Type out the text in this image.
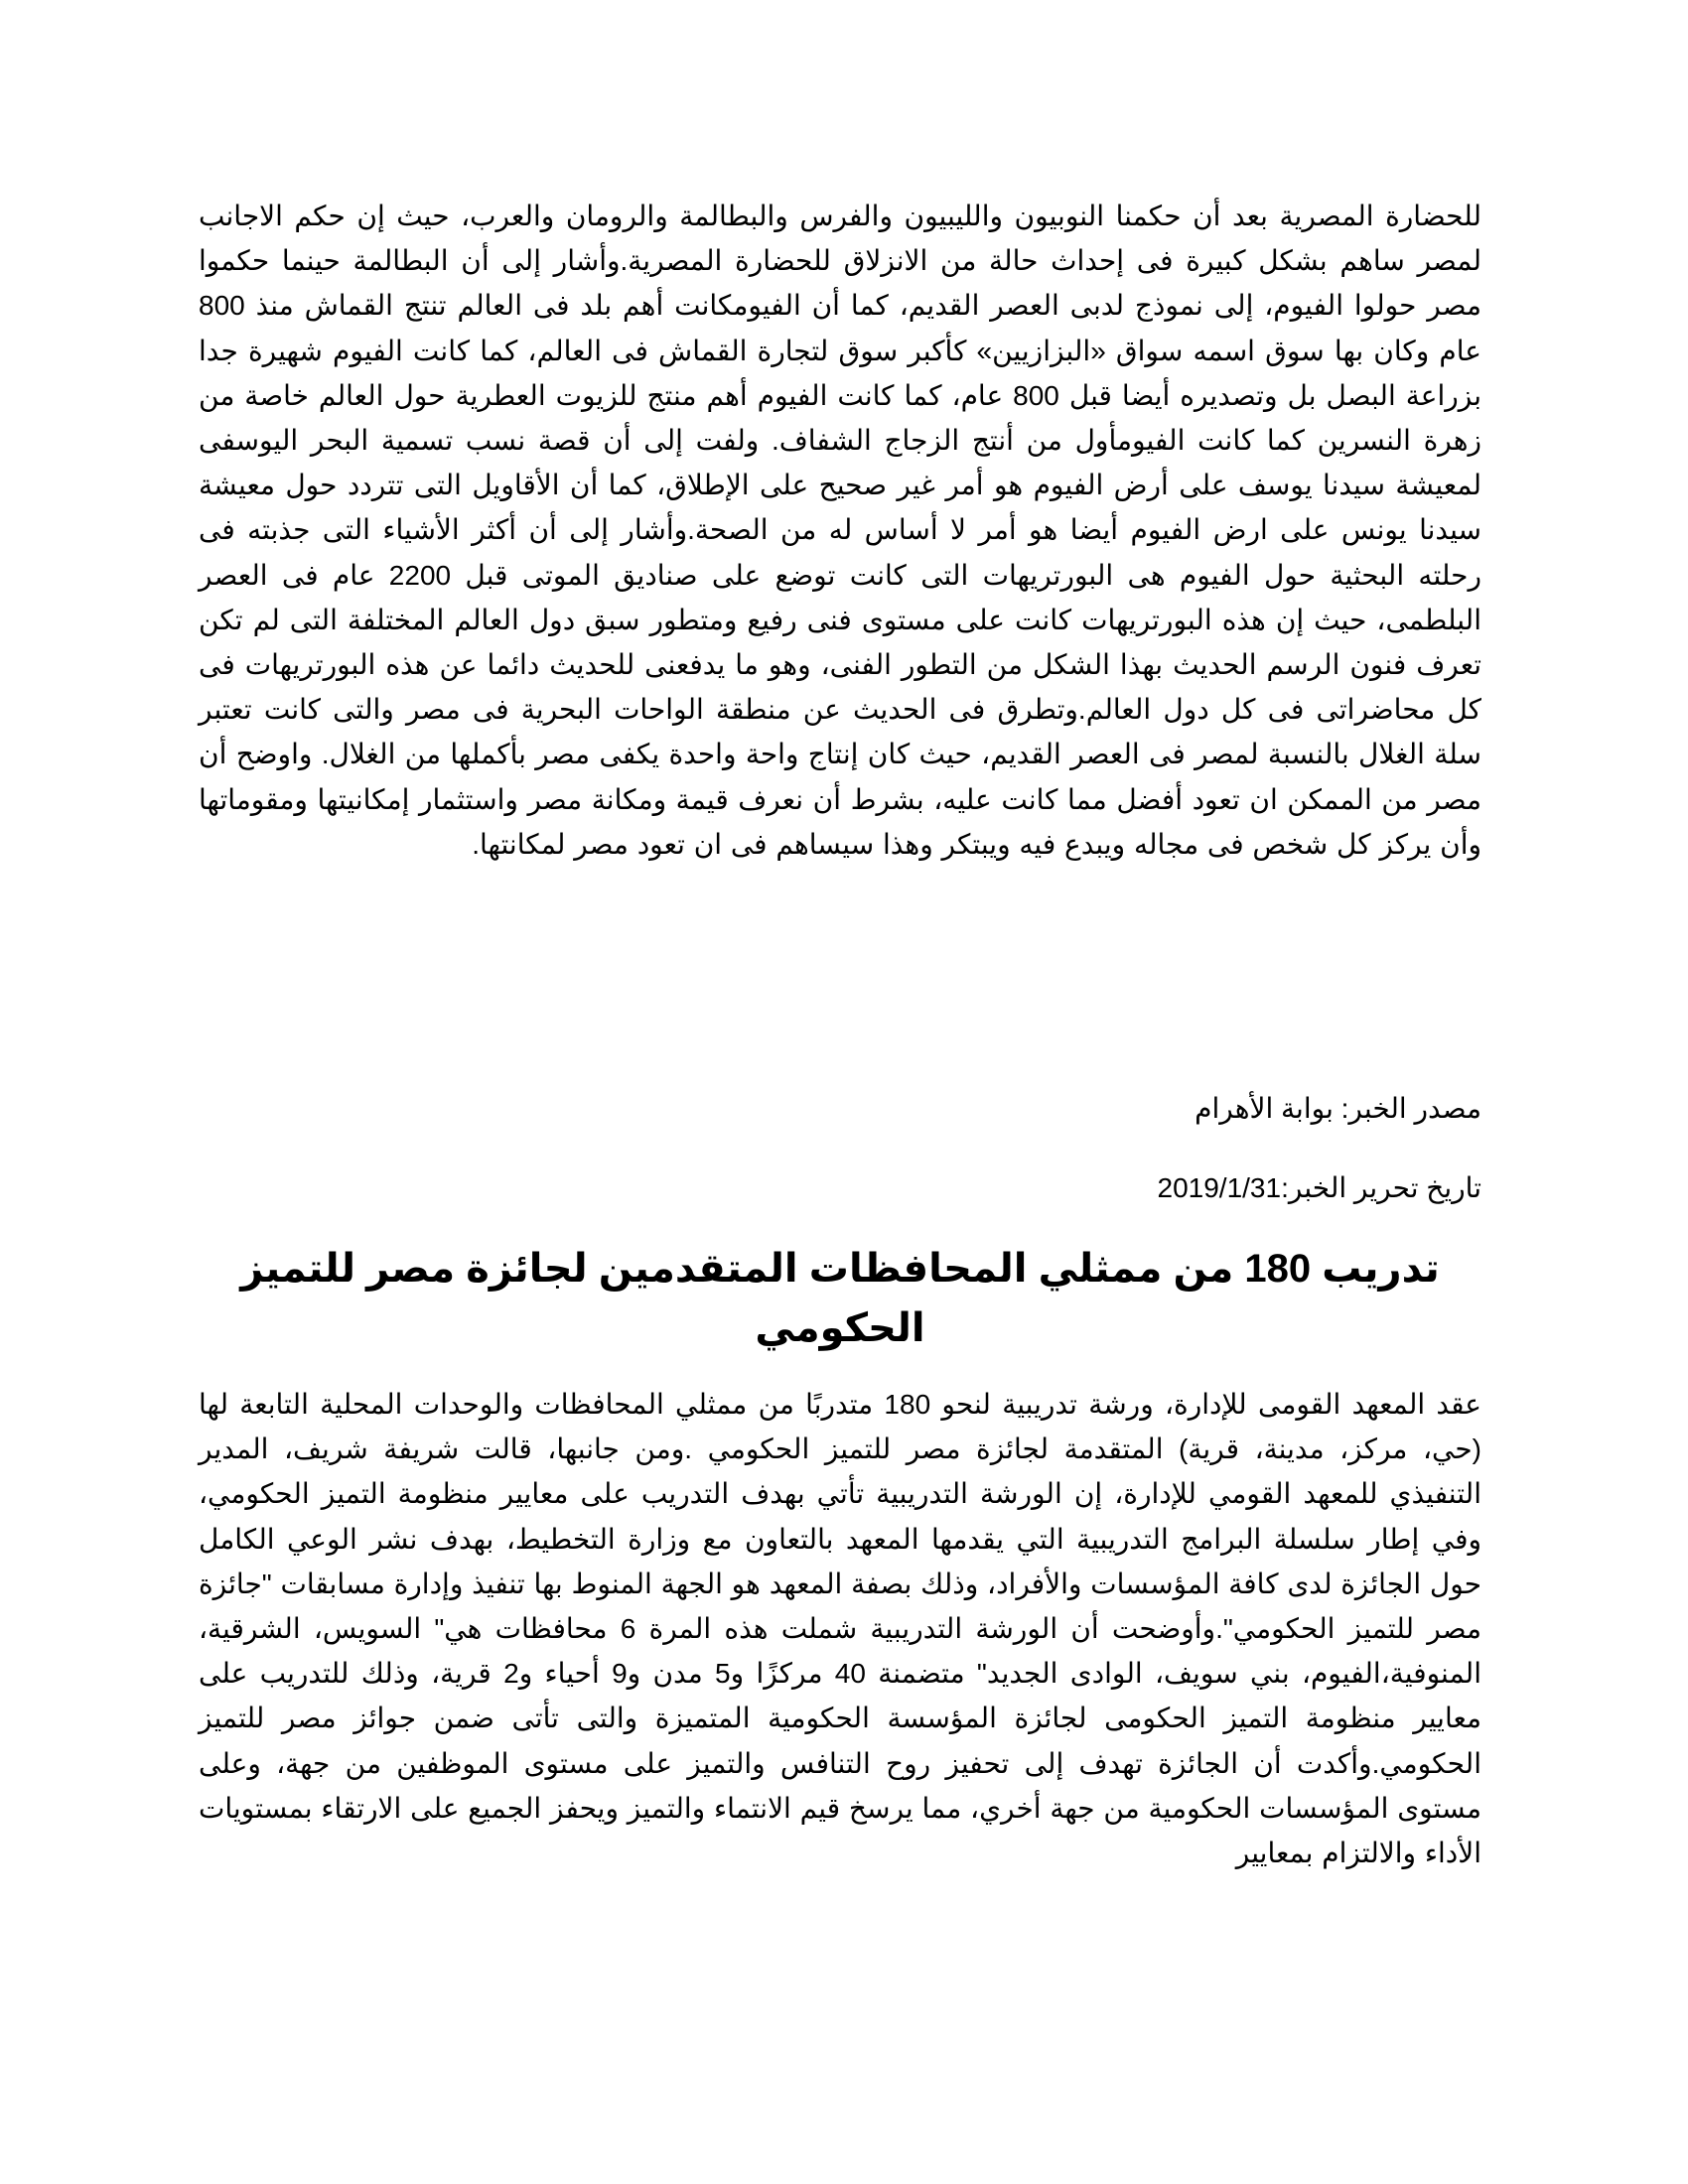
للحضارة المصرية بعد أن حكمنا النوبيون والليبيون والفرس والبطالمة والرومان والعرب، حيث إن حكم الاجانب لمصر ساهم بشكل كبيرة فى إحداث حالة من الانزلاق للحضارة المصرية.وأشار إلى أن البطالمة حينما حكموا مصر حولوا الفيوم، إلى نموذج لدبى العصر القديم، كما أن الفيومكانت أهم بلد فى العالم تنتج القماش منذ 800 عام وكان بها سوق اسمه سواق «البزازيين» كأكبر سوق لتجارة القماش فى العالم، كما كانت الفيوم شهيرة جدا بزراعة البصل بل وتصديره أيضا قبل 800 عام، كما كانت الفيوم أهم منتج للزيوت العطرية حول العالم خاصة من زهرة النسرين كما كانت الفيومأول من أنتج الزجاج الشفاف. ولفت إلى أن قصة نسب تسمية البحر اليوسفى لمعيشة سيدنا يوسف على أرض الفيوم هو أمر غير صحيح على الإطلاق، كما أن الأقاويل التى تتردد حول معيشة سيدنا يونس على ارض الفيوم أيضا هو أمر لا أساس له من الصحة.وأشار إلى أن أكثر الأشياء التى جذبته فى رحلته البحثية حول الفيوم هى البورتريهات التى كانت توضع على صناديق الموتى قبل 2200 عام فى العصر البلطمى، حيث إن هذه البورتريهات كانت على مستوى فنى رفيع ومتطور سبق دول العالم المختلفة التى لم تكن تعرف فنون الرسم الحديث بهذا الشكل من التطور الفنى، وهو ما يدفعنى للحديث دائما عن هذه البورتريهات فى كل محاضراتى فى كل دول العالم.وتطرق فى الحديث عن منطقة الواحات البحرية فى مصر والتى كانت تعتبر سلة الغلال بالنسبة لمصر فى العصر القديم، حيث كان إنتاج واحة واحدة يكفى مصر بأكملها من الغلال. واوضح أن مصر من الممكن ان تعود أفضل مما كانت عليه، بشرط أن نعرف قيمة ومكانة مصر واستثمار إمكانيتها ومقوماتها وأن يركز كل شخص فى مجاله ويبدع فيه ويبتكر وهذا سيساهم فى ان تعود مصر لمكانتها.

مصدر الخبر: بوابة الأهرام

تاريخ تحرير الخبر:2019/1/31

تدريب 180 من ممثلي المحافظات المتقدمين لجائزة مصر للتميز الحكومي

عقد المعهد القومى للإدارة، ورشة تدريبية لنحو 180 متدربًا من ممثلي المحافظات والوحدات المحلية التابعة لها (حي، مركز، مدينة، قرية) المتقدمة لجائزة مصر للتميز الحكومي .ومن جانبها، قالت شريفة شريف، المدير التنفيذي للمعهد القومي للإدارة، إن الورشة التدريبية تأتي بهدف التدريب على معايير منظومة التميز الحكومي، وفي إطار سلسلة البرامج التدريبية التي يقدمها المعهد بالتعاون مع وزارة التخطيط، بهدف نشر الوعي الكامل حول الجائزة لدى كافة المؤسسات والأفراد، وذلك بصفة المعهد هو الجهة المنوط بها تنفيذ وإدارة مسابقات "جائزة مصر للتميز الحكومي".وأوضحت أن الورشة التدريبية شملت هذه المرة 6 محافظات هي" السويس، الشرقية، المنوفية،الفيوم، بني سويف، الوادى الجديد" متضمنة 40 مركزًا و5 مدن و9 أحياء و2 قرية، وذلك للتدريب على معايير منظومة التميز الحكومى لجائزة المؤسسة الحكومية المتميزة والتى تأتى ضمن جوائز مصر للتميز الحكومي.وأكدت أن الجائزة تهدف إلى تحفيز روح التنافس والتميز على مستوى الموظفين من جهة، وعلى مستوى المؤسسات الحكومية من جهة أخري، مما يرسخ قيم الانتماء والتميز ويحفز الجميع على الارتقاء بمستويات الأداء والالتزام بمعايير
